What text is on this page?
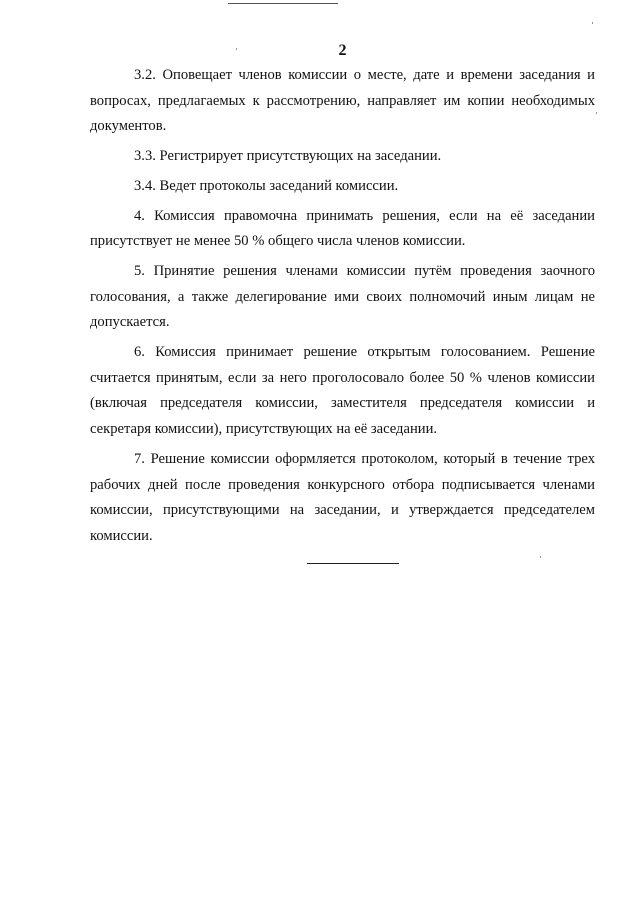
2

3.2. Оповещает членов комиссии о месте, дате и времени заседания и вопросах, предлагаемых к рассмотрению, направляет им копии необходимых документов.

3.3. Регистрирует присутствующих на заседании.

3.4. Ведет протоколы заседаний комиссии.

4. Комиссия правомочна принимать решения, если на её заседании присутствует не менее 50 % общего числа членов комиссии.

5. Принятие решения членами комиссии путём проведения заочного голосования, а также делегирование ими своих полномочий иным лицам не допускается.

6. Комиссия принимает решение открытым голосованием. Решение считается принятым, если за него проголосовало более 50 % членов комиссии (включая председателя комиссии, заместителя председателя комиссии и секретаря комиссии), присутствующих на её заседании.

7. Решение комиссии оформляется протоколом, который в течение трех рабочих дней после проведения конкурсного отбора подписывается членами комиссии, присутствующими на заседании, и утверждается председателем комиссии.
